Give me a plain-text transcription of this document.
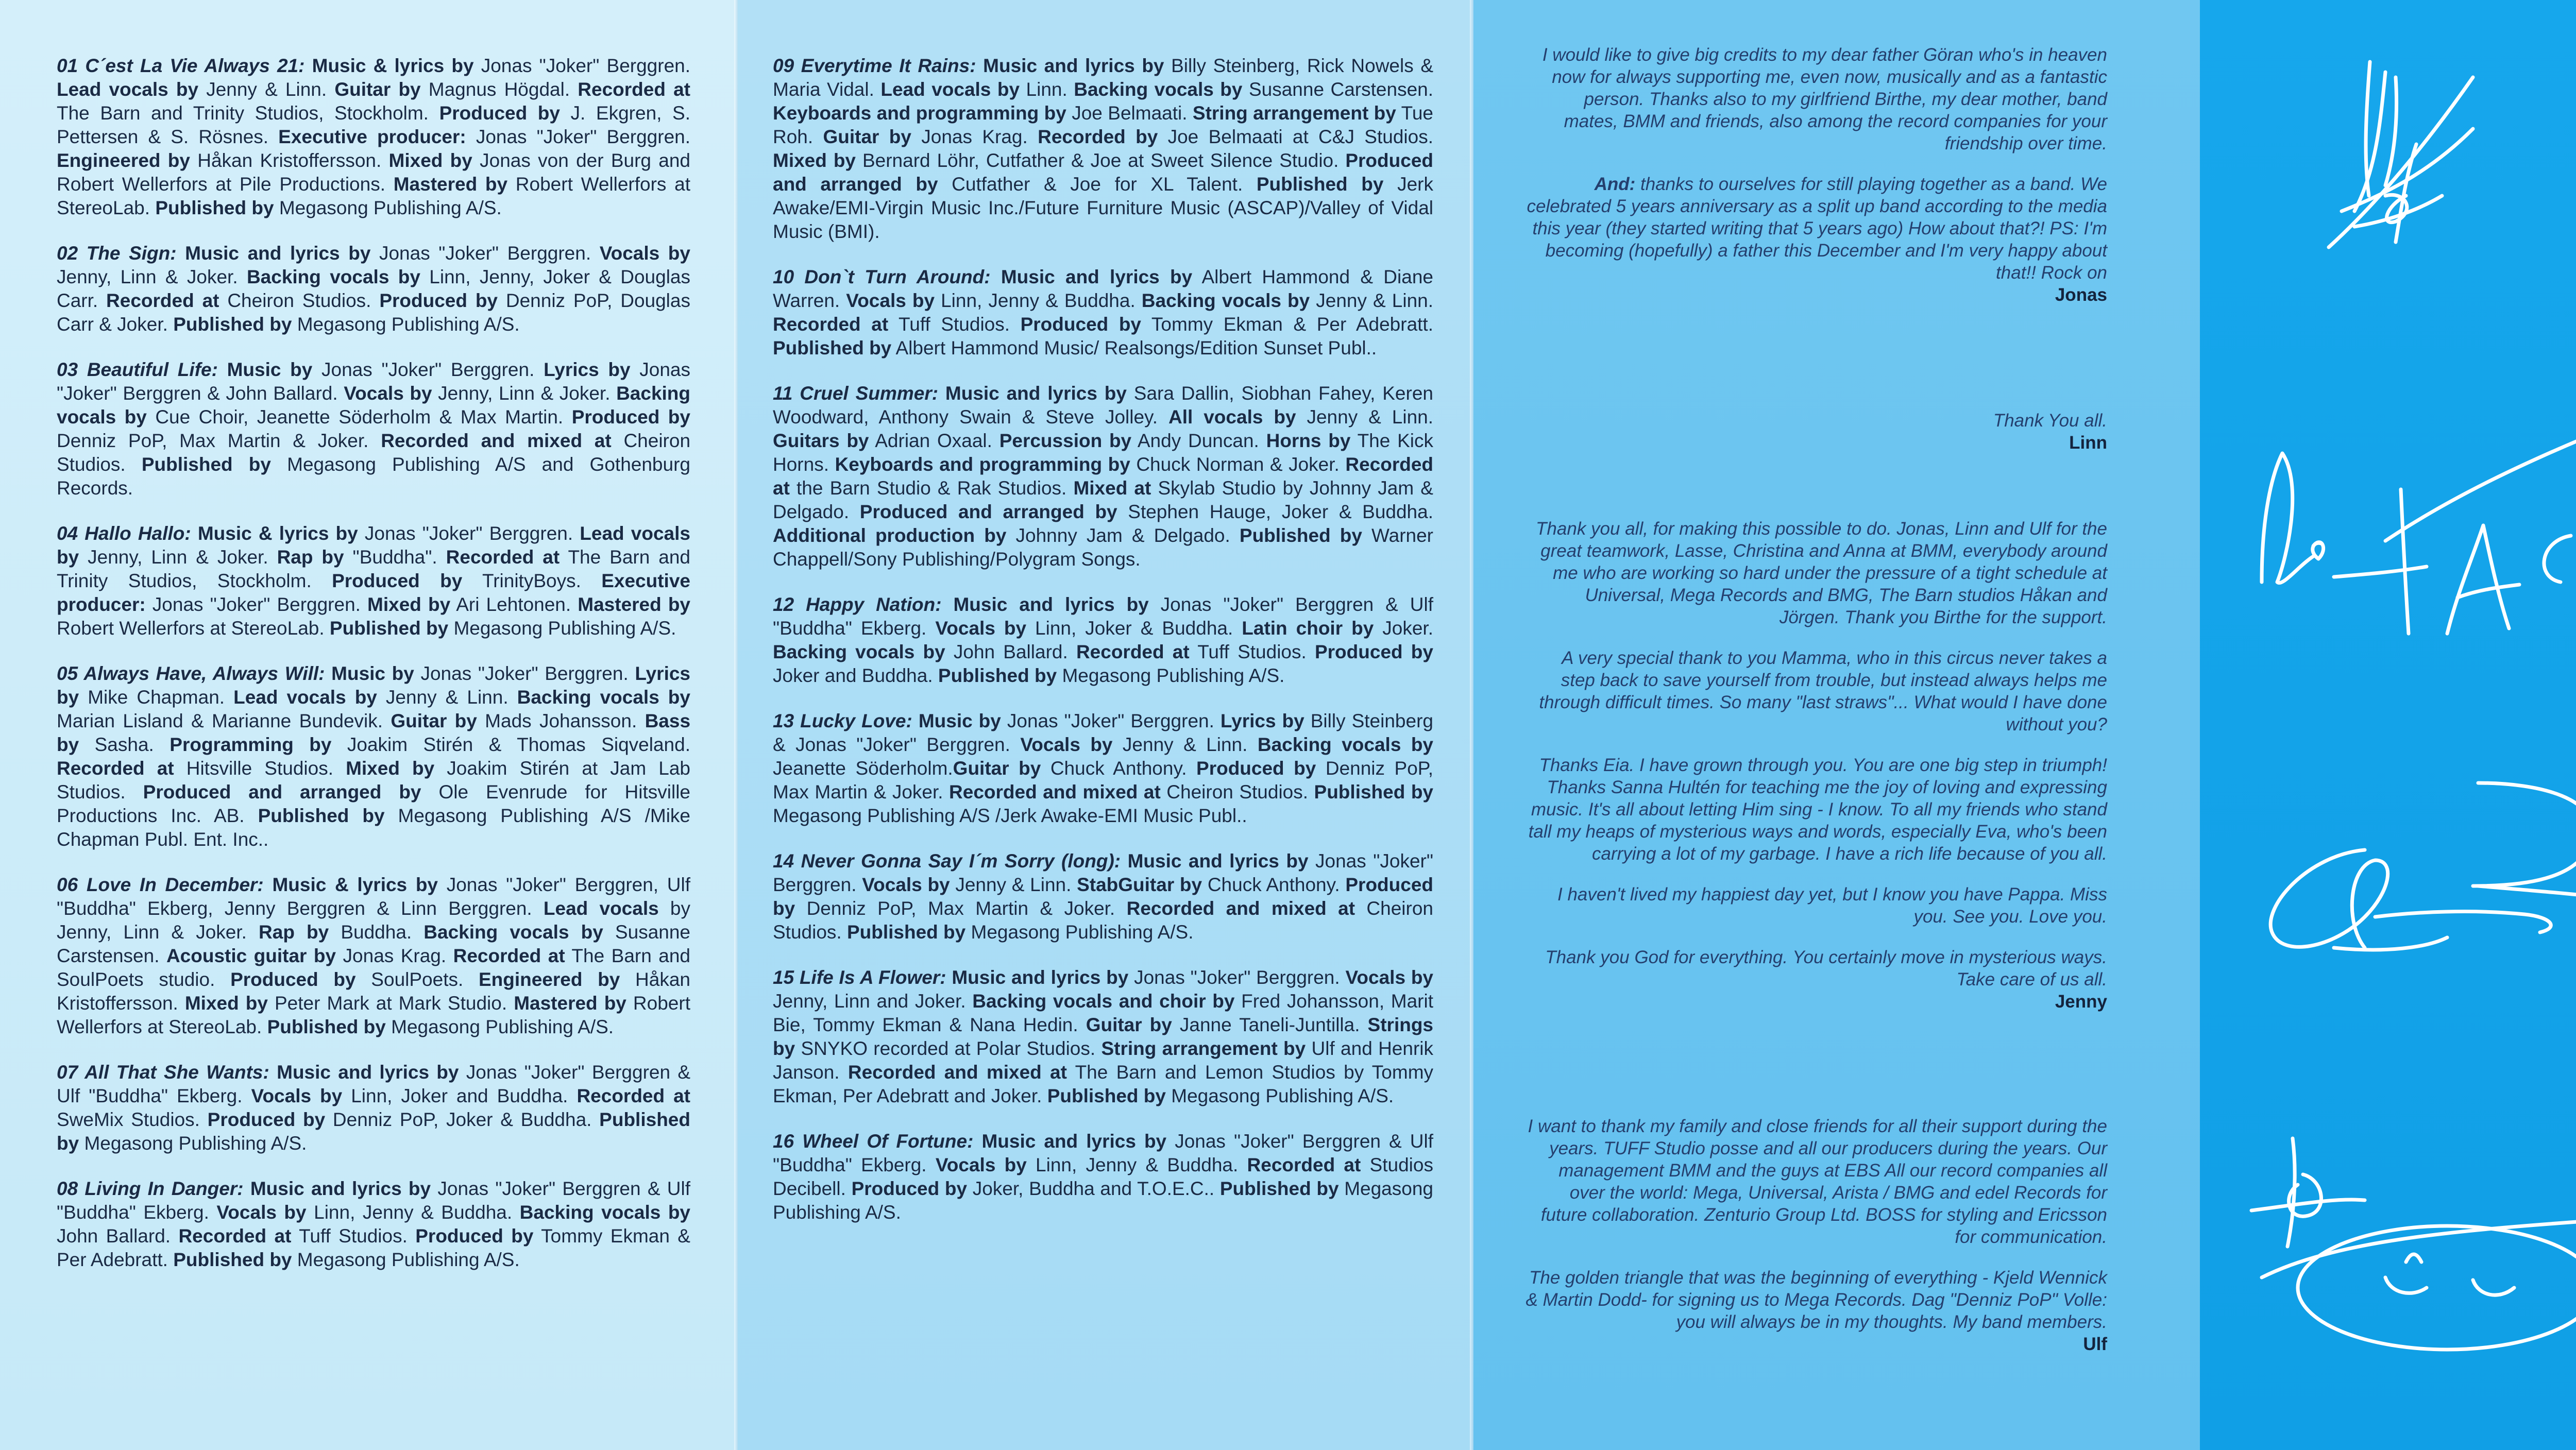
01 C´est La Vie Always 21: Music & lyrics by Jonas "Joker" Berggren. Lead vocals by Jenny & Linn. Guitar by Magnus Högdal. Recorded at The Barn and Trinity Studios, Stockholm. Produced by J. Ekgren, S. Pettersen & S. Rösnes. Executive producer: Jonas "Joker" Berggren. Engineered by Håkan Kristoffersson. Mixed by Jonas von der Burg and Robert Wellerfors at Pile Productions. Mastered by Robert Wellerfors at StereoLab. Published by Megasong Publishing A/S.

02 The Sign: Music and lyrics by Jonas "Joker" Berggren. Vocals by Jenny, Linn & Joker. Backing vocals by Linn, Jenny, Joker & Douglas Carr. Recorded at Cheiron Studios. Produced by Denniz PoP, Douglas Carr & Joker. Published by Megasong Publishing A/S.

03 Beautiful Life: Music by Jonas "Joker" Berggren. Lyrics by Jonas "Joker" Berggren & John Ballard. Vocals by Jenny, Linn & Joker. Backing vocals by Cue Choir, Jeanette Söderholm & Max Martin. Produced by Denniz PoP, Max Martin & Joker. Recorded and mixed at Cheiron Studios. Published by Megasong Publishing A/S and Gothenburg Records.

04 Hallo Hallo: Music & lyrics by Jonas "Joker" Berggren. Lead vocals by Jenny, Linn & Joker. Rap by "Buddha". Recorded at The Barn and Trinity Studios, Stockholm. Produced by TrinityBoys. Executive producer: Jonas "Joker" Berggren. Mixed by Ari Lehtonen. Mastered by Robert Wellerfors at StereoLab. Published by Megasong Publishing A/S.

05 Always Have, Always Will: Music by Jonas "Joker" Berggren. Lyrics by Mike Chapman. Lead vocals by Jenny & Linn. Backing vocals by Marian Lisland & Marianne Bundevik. Guitar by Mads Johansson. Bass by Sasha. Programming by Joakim Stirén & Thomas Siqveland. Recorded at Hitsville Studios. Mixed by Joakim Stirén at Jam Lab Studios. Produced and arranged by Ole Evenrude for Hitsville Productions Inc. AB. Published by Megasong Publishing A/S /Mike Chapman Publ. Ent. Inc..

06 Love In December: Music & lyrics by Jonas "Joker" Berggren, Ulf "Buddha" Ekberg, Jenny Berggren & Linn Berggren. Lead vocals by Jenny, Linn & Joker. Rap by Buddha. Backing vocals by Susanne Carstensen. Acoustic guitar by Jonas Krag. Recorded at The Barn and SoulPoets studio. Produced by SoulPoets. Engineered by Håkan Kristoffersson. Mixed by Peter Mark at Mark Studio. Mastered by Robert Wellerfors at StereoLab. Published by Megasong Publishing A/S.

07 All That She Wants: Music and lyrics by Jonas "Joker" Berggren & Ulf "Buddha" Ekberg. Vocals by Linn, Joker and Buddha. Recorded at SweMix Studios. Produced by Denniz PoP, Joker & Buddha. Published by Megasong Publishing A/S.

08 Living In Danger: Music and lyrics by Jonas "Joker" Berggren & Ulf "Buddha" Ekberg. Vocals by Linn, Jenny & Buddha. Backing vocals by John Ballard. Recorded at Tuff Studios. Produced by Tommy Ekman & Per Adebratt. Published by Megasong Publishing A/S.

09 Everytime It Rains: Music and lyrics by Billy Steinberg, Rick Nowels & Maria Vidal. Lead vocals by Linn. Backing vocals by Susanne Carstensen. Keyboards and programming by Joe Belmaati. String arrangement by Tue Roh. Guitar by Jonas Krag. Recorded by Joe Belmaati at C&J Studios. Mixed by Bernard Löhr, Cutfather & Joe at Sweet Silence Studio. Produced and arranged by Cutfather & Joe for XL Talent. Published by Jerk Awake/EMI-Virgin Music Inc./Future Furniture Music (ASCAP)/Valley of Vidal Music (BMI).

10 Don`t Turn Around: Music and lyrics by Albert Hammond & Diane Warren. Vocals by Linn, Jenny & Buddha. Backing vocals by Jenny & Linn. Recorded at Tuff Studios. Produced by Tommy Ekman & Per Adebratt. Published by Albert Hammond Music/ Realsongs/Edition Sunset Publ..

11 Cruel Summer: Music and lyrics by Sara Dallin, Siobhan Fahey, Keren Woodward, Anthony Swain & Steve Jolley. All vocals by Jenny & Linn. Guitars by Adrian Oxaal. Percussion by Andy Duncan. Horns by The Kick Horns. Keyboards and programming by Chuck Norman & Joker. Recorded at the Barn Studio & Rak Studios. Mixed at Skylab Studio by Johnny Jam & Delgado. Produced and arranged by Stephen Hauge, Joker & Buddha. Additional production by Johnny Jam & Delgado. Published by Warner Chappell/Sony Publishing/Polygram Songs.

12 Happy Nation: Music and lyrics by Jonas "Joker" Berggren & Ulf "Buddha" Ekberg. Vocals by Linn, Joker & Buddha. Latin choir by Joker. Backing vocals by John Ballard. Recorded at Tuff Studios. Produced by Joker and Buddha. Published by Megasong Publishing A/S.

13 Lucky Love: Music by Jonas "Joker" Berggren. Lyrics by Billy Steinberg & Jonas "Joker" Berggren. Vocals by Jenny & Linn. Backing vocals by Jeanette Söderholm.Guitar by Chuck Anthony. Produced by Denniz PoP, Max Martin & Joker. Recorded and mixed at Cheiron Studios. Published by Megasong Publishing A/S /Jerk Awake-EMI Music Publ..

14 Never Gonna Say I´m Sorry (long): Music and lyrics by Jonas "Joker" Berggren. Vocals by Jenny & Linn. StabGuitar by Chuck Anthony. Produced by Denniz PoP, Max Martin & Joker. Recorded and mixed at Cheiron Studios. Published by Megasong Publishing A/S.

15 Life Is A Flower: Music and lyrics by Jonas "Joker" Berggren. Vocals by Jenny, Linn and Joker. Backing vocals and choir by Fred Johansson, Marit Bie, Tommy Ekman & Nana Hedin. Guitar by Janne Taneli-Juntilla. Strings by SNYKO recorded at Polar Studios. String arrangement by Ulf and Henrik Janson. Recorded and mixed at The Barn and Lemon Studios by Tommy Ekman, Per Adebratt and Joker. Published by Megasong Publishing A/S.

16 Wheel Of Fortune: Music and lyrics by Jonas "Joker" Berggren & Ulf "Buddha" Ekberg. Vocals by Linn, Jenny & Buddha. Recorded at Studios Decibell. Produced by Joker, Buddha and T.O.E.C.. Published by Megasong Publishing A/S.

I would like to give big credits to my dear father Göran who's in heaven now for always supporting me, even now, musically and as a fantastic person. Thanks also to my girlfriend Birthe, my dear mother, band mates, BMM and friends, also among the record companies for your friendship over time.

And: thanks to ourselves for still playing together as a band. We celebrated 5 years anniversary as a split up band according to the media this year (they started writing that 5 years ago) How about that?! PS: I'm becoming (hopefully) a father this December and I'm very happy about that!! Rock on

Jonas
Thank You all.
Linn

Thank you all, for making this possible to do. Jonas, Linn and Ulf for the great teamwork, Lasse, Christina and Anna at BMM, everybody around me who are working so hard under the pressure of a tight schedule at Universal, Mega Records and BMG, The Barn studios Håkan and Jörgen. Thank you Birthe for the support.

A very special thank to you Mamma, who in this circus never takes a step back to save yourself from trouble, but instead always helps me through difficult times. So many "last straws"... What would I have done without you?

Thanks Eia. I have grown through you. You are one big step in triumph! Thanks Sanna Hultén for teaching me the joy of loving and expressing music. It's all about letting Him sing - I know. To all my friends who stand tall my heaps of mysterious ways and words, especially Eva, who's been carrying a lot of my garbage. I have a rich life because of you all.

I haven't lived my happiest day yet, but I know you have Pappa. Miss you. See you. Love you.

Thank you God for everything. You certainly move in mysterious ways. Take care of us all.

Jenny

I want to thank my family and close friends for all their support during the years. TUFF Studio posse and all our producers during the years. Our management BMM and the guys at EBS All our record companies all over the world: Mega, Universal, Arista / BMG and edel Records for future collaboration. Zenturio Group Ltd. BOSS for styling and Ericsson for communication.

The golden triangle that was the beginning of everything - Kjeld Wennick & Martin Dodd- for signing us to Mega Records. Dag "Denniz PoP" Volle: you will always be in my thoughts. My band members.

Ulf
